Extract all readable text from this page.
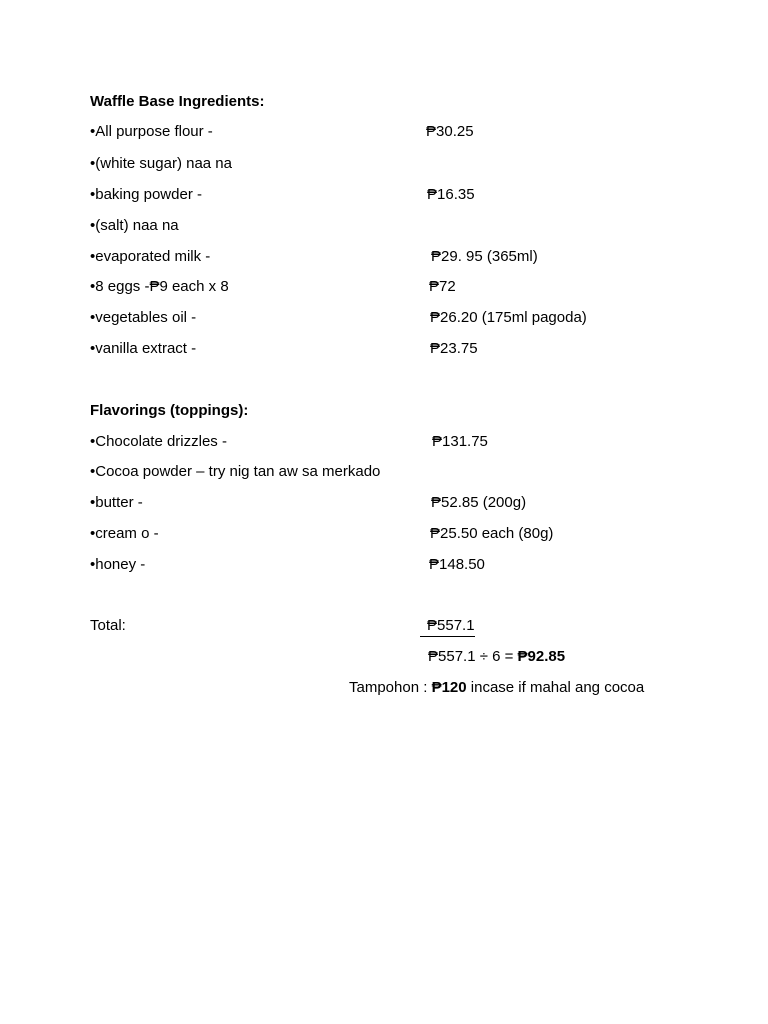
Waffle Base Ingredients:
•All purpose flour -	₱30.25
•(white sugar) naa na
•baking powder -	₱16.35
•(salt) naa na
•evaporated milk -	₱29. 95 (365ml)
•8 eggs -₱9 each x 8	₱72
•vegetables oil -	₱26.20 (175ml pagoda)
•vanilla extract -	₱23.75
Flavorings (toppings):
•Chocolate drizzles -	₱131.75
•Cocoa powder – try nig tan aw sa merkado
•butter -	₱52.85 (200g)
•cream o -	₱25.50 each (80g)
•honey -	₱148.50
Total:	₱557.1
₱557.1 ÷ 6 = ₱92.85
Tampohon : ₱120 incase if mahal ang cocoa
